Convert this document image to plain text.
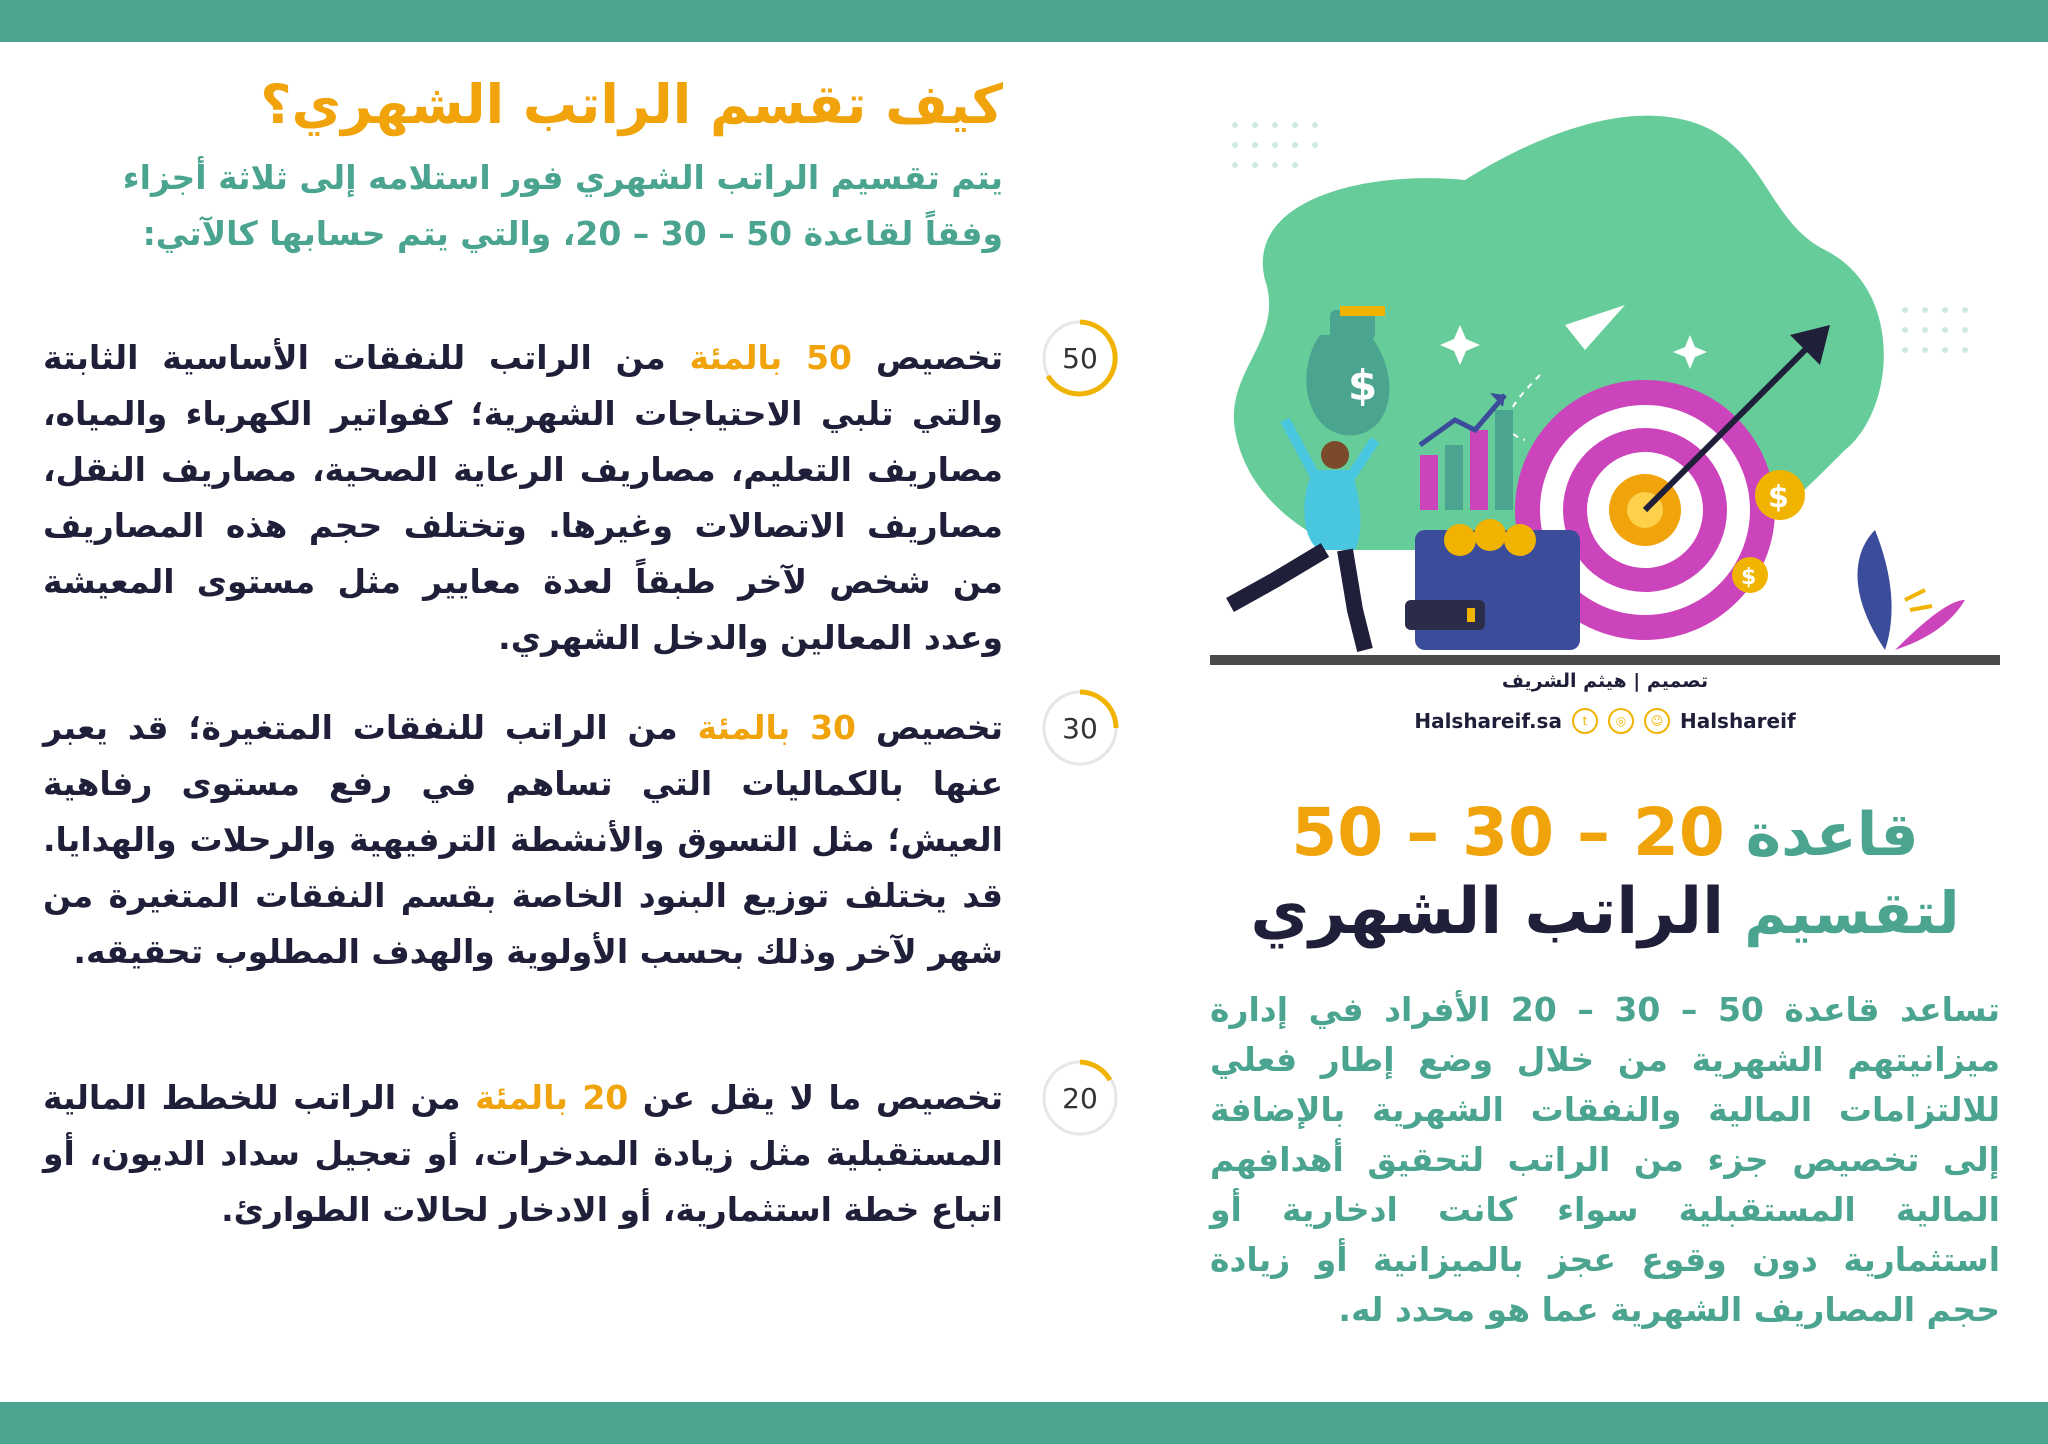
كيف تقسم الراتب الشهري؟
يتم تقسيم الراتب الشهري فور استلامه إلى ثلاثة أجزاء وفقاً لقاعدة 50 – 30 – 20، والتي يتم حسابها كالآتي:
تخصيص 50 بالمئة من الراتب للنفقات الأساسية الثابتة والتي تلبي الاحتياجات الشهرية؛ كفواتير الكهرباء والمياه، مصاريف التعليم، مصاريف الرعاية الصحية، مصاريف النقل، مصاريف الاتصالات وغيرها. وتختلف حجم هذه المصاريف من شخص لآخر طبقاً لعدة معايير مثل مستوى المعيشة وعدد المعالين والدخل الشهري.
تخصيص 30 بالمئة من الراتب للنفقات المتغيرة؛ قد يعبر عنها بالكماليات التي تساهم في رفع مستوى رفاهية العيش؛ مثل التسوق والأنشطة الترفيهية والرحلات والهدايا. قد يختلف توزيع البنود الخاصة بقسم النفقات المتغيرة من شهر لآخر وذلك بحسب الأولوية والهدف المطلوب تحقيقه.
تخصيص ما لا يقل عن 20 بالمئة من الراتب للخطط المالية المستقبلية مثل زيادة المدخرات، أو تعجيل سداد الديون، أو اتباع خطة استثمارية، أو الادخار لحالات الطوارئ.
50
30
20
$
$
$
تصميم | هيثم الشريف
Halshareif.sa	t	◎	☺ Halshareif
قاعدة 50 – 30 – 20
لتقسيم الراتب الشهري
تساعد قاعدة 50 – 30 – 20 الأفراد في إدارة ميزانيتهم الشهرية من خلال وضع إطار فعلي للالتزامات المالية والنفقات الشهرية بالإضافة إلى تخصيص جزء من الراتب لتحقيق أهدافهم المالية المستقبلية سواء كانت ادخارية أو استثمارية دون وقوع عجز بالميزانية أو زيادة حجم المصاريف الشهرية عما هو محدد له.
